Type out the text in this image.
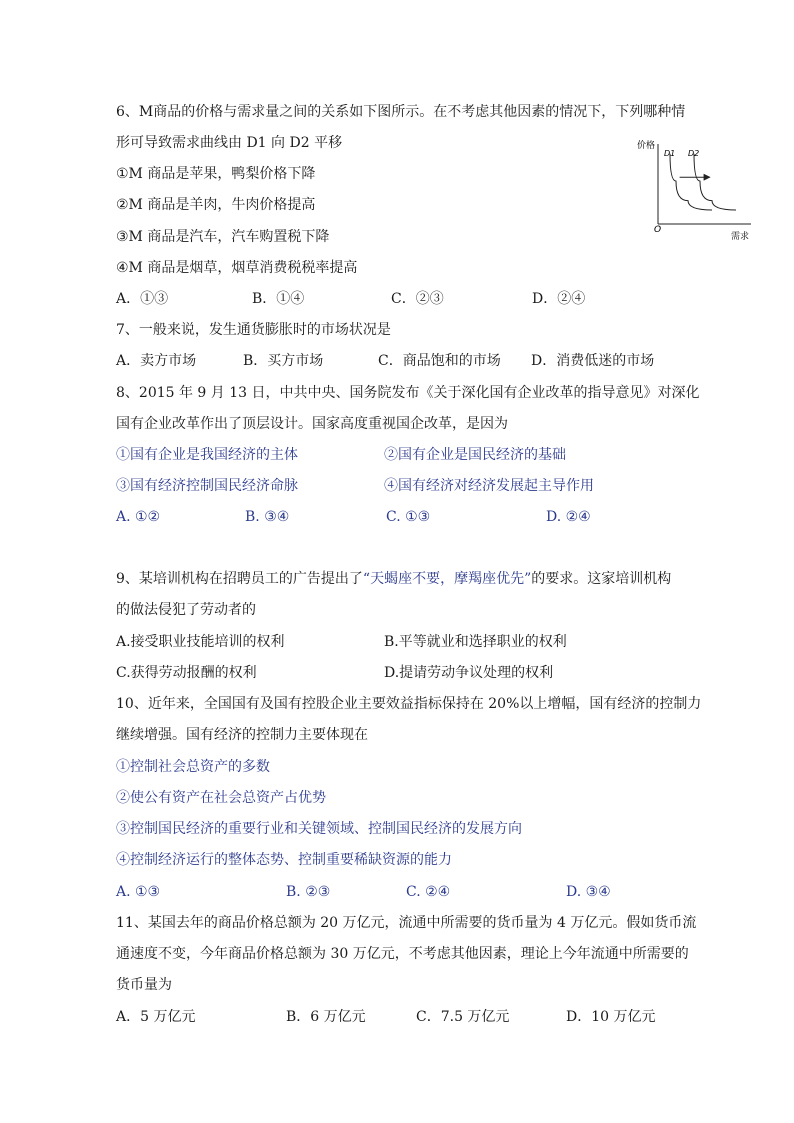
6、M商品的价格与需求量之间的关系如下图所示。在不考虑其他因素的情况下，下列哪种情
形可导致需求曲线由 D1 向 D2 平移
①M 商品是苹果，鸭梨价格下降
②M 商品是羊肉，牛肉价格提高
③M 商品是汽车，汽车购置税下降
④M 商品是烟草，烟草消费税税率提高
A．①③	B．①④	C．②③	D．②④
价格
需求
O
D1 D2
7、一般来说，发生通货膨胀时的市场状况是
A．卖方市场	B．买方市场	C．商品饱和的市场 D．消费低迷的市场
8、2015 年 9 月 13 日，中共中央、国务院发布《关于深化国有企业改革的指导意见》对深化
国有企业改革作出了顶层设计。国家高度重视国企改革，是因为
①国有企业是我国经济的主体	②国有企业是国民经济的基础
③国有经济控制国民经济命脉	④国有经济对经济发展起主导作用
A. ①②	B. ③④	C. ①③	D. ②④
9、某培训机构在招聘员工的广告提出了“天蝎座不要，摩羯座优先”的要求。这家培训机构
的做法侵犯了劳动者的
A.接受职业技能培训的权利	B.平等就业和选择职业的权利
C.获得劳动报酬的权利	D.提请劳动争议处理的权利
10、近年来，全国国有及国有控股企业主要效益指标保持在 20%以上增幅，国有经济的控制力
继续增强。国有经济的控制力主要体现在
①控制社会总资产的多数
②使公有资产在社会总资产占优势
③控制国民经济的重要行业和关键领域、控制国民经济的发展方向
④控制经济运行的整体态势、控制重要稀缺资源的能力
A. ①③	B. ②③	C. ②④	D. ③④
11、某国去年的商品价格总额为 20 万亿元，流通中所需要的货币量为 4 万亿元。假如货币流
通速度不变，今年商品价格总额为 30 万亿元，不考虑其他因素，理论上今年流通中所需要的
货币量为
A．5 万亿元	B．6 万亿元	C．7.5 万亿元	D．10 万亿元
